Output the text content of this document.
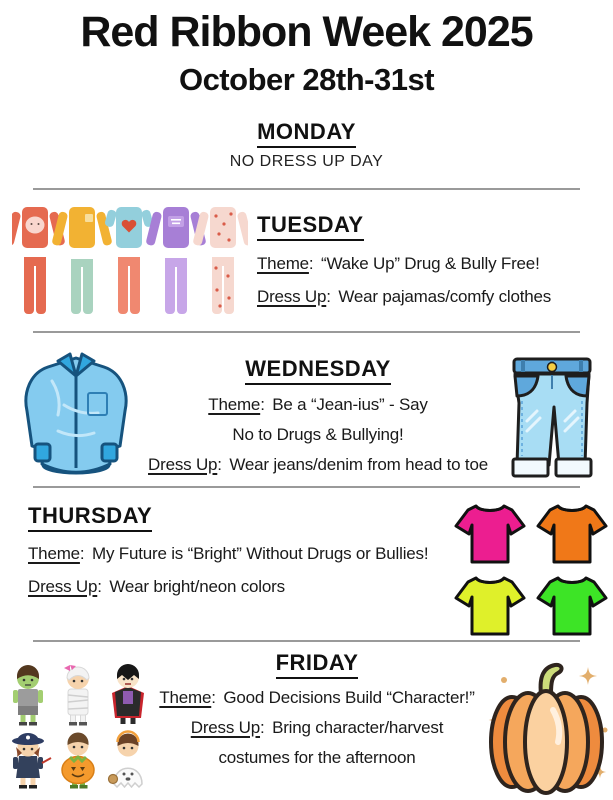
Red Ribbon Week 2025
October 28th-31st
MONDAY
NO DRESS UP DAY
TUESDAY

Theme: “Wake Up” Drug & Bully Free!

Dress Up: Wear pajamas/comfy clothes

WEDNESDAY

Theme: Be a “Jean-ius” - Say

No to Drugs & Bullying!

Dress Up: Wear jeans/denim from head to toe

THURSDAY

Theme: My Future is “Bright” Without Drugs or Bullies!

Dress Up: Wear bright/neon colors

FRIDAY

Theme: Good Decisions Build “Character!”

Dress Up: Bring character/harvest

costumes for the afternoon
